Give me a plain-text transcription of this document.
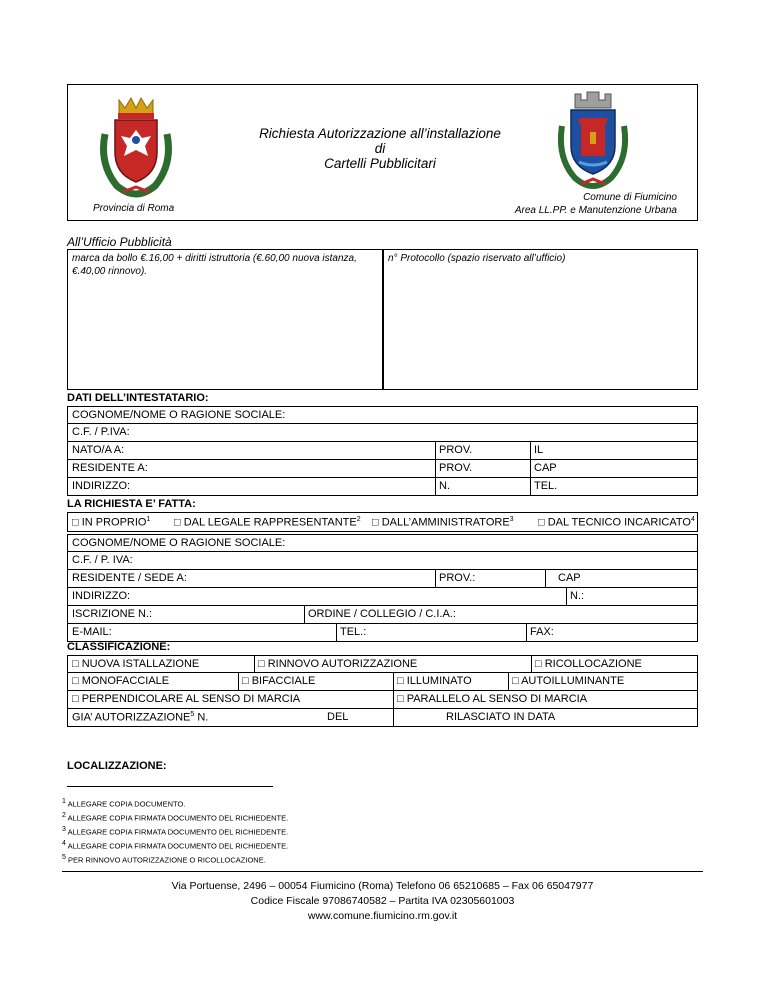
Richiesta Autorizzazione all’installazione
di
Cartelli Pubblicitari
Provincia di Roma
Comune di Fiumicino
Area LL.PP. e Manutenzione Urbana
All’Ufficio Pubblicità
marca da bollo €.16,00 + diritti istruttoria (€.60,00 nuova istanza, €.40,00 rinnovo).
n° Protocollo (spazio riservato all’ufficio)
DATI DELL’INTESTATARIO:
COGNOME/NOME O RAGIONE SOCIALE:
C.F. / P.IVA:
NATO/A A:	PROV.	IL
RESIDENTE A:	PROV.	CAP
INDIRIZZO:	N.	TEL.
LA RICHIESTA E’ FATTA:
□ IN PROPRIO$^1$ □ DAL LEGALE RAPPRESENTANTE$^2$ □ DALL’AMMINISTRATORE$^3$ □ DAL TECNICO INCARICATO$^4$
COGNOME/NOME O RAGIONE SOCIALE:
C.F. / P. IVA:
RESIDENTE / SEDE A:	PROV.:	CAP
INDIRIZZO:	N.:
ISCRIZIONE N.:	ORDINE / COLLEGIO / C.I.A.:
E-MAIL:	TEL.:	FAX:
CLASSIFICAZIONE:
□ NUOVA ISTALLAZIONE	□ RINNOVO AUTORIZZAZIONE	□ RICOLLOCAZIONE
□ MONOFACCIALE	□ BIFACCIALE	□ ILLUMINATO	□ AUTOILLUMINANTE
□ PERPENDICOLARE AL SENSO DI MARCIA	□ PARALLELO AL SENSO DI MARCIA
GIA’ AUTORIZZAZIONE$^5$ N.	DEL	RILASCIATO IN DATA
LOCALIZZAZIONE:
$^1$ ALLEGARE COPIA DOCUMENTO.
$^2$ ALLEGARE COPIA FIRMATA DOCUMENTO DEL RICHIEDENTE.
$^3$ ALLEGARE COPIA FIRMATA DOCUMENTO DEL RICHIEDENTE.
$^4$ ALLEGARE COPIA FIRMATA DOCUMENTO DEL RICHIEDENTE.
$^5$ PER RINNOVO AUTORIZZAZIONE O RICOLLOCAZIONE.
Via Portuense, 2496 – 00054 Fiumicino (Roma) Telefono 06 65210685 – Fax 06 65047977
Codice Fiscale 97086740582 – Partita IVA 02305601003
www.comune.fiumicino.rm.gov.it
